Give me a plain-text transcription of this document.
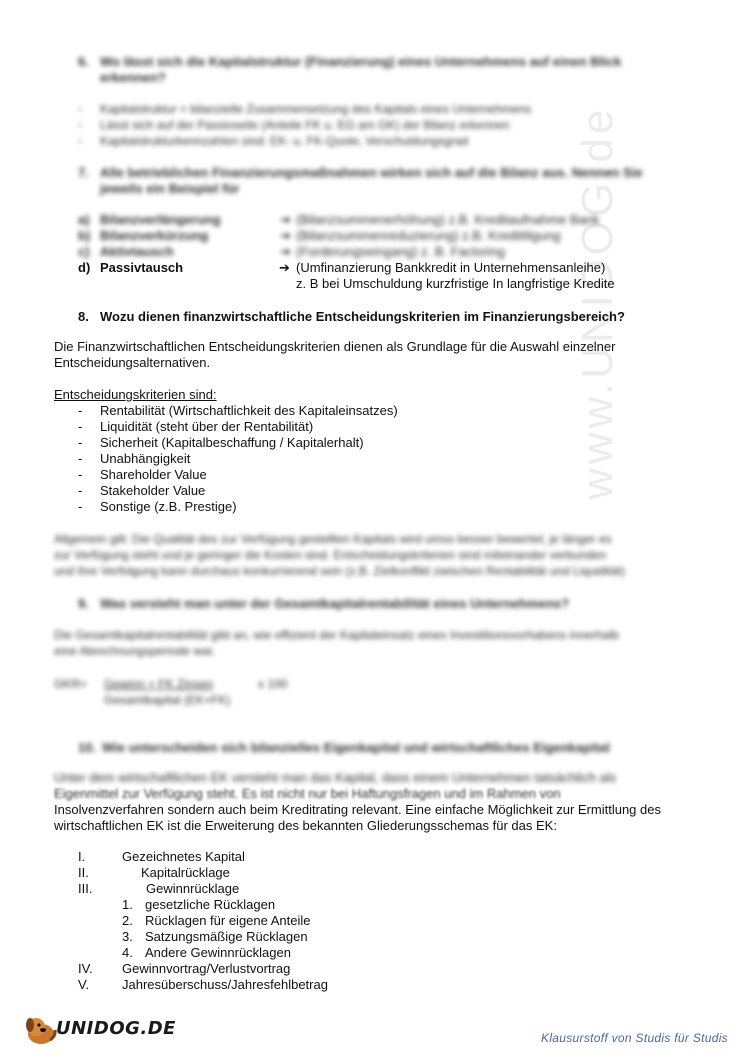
www.UNIDOG.de
6. Wo lässt sich die Kapitalstruktur (Finanzierung) eines Unternehmens auf einen Blick
erkennen?
- Kapitalstruktur = bilanzielle Zusammensetzung des Kapitals eines Unternehmens
- Lässt sich auf der Passivseite (Anteile FK u. EG am GK) der Bilanz erkennen
- Kapitalstrukturkennzahlen sind: EK- u. FK-Quote, Verschuldungsgrad
7. Alle betrieblichen Finanzierungsmaßnahmen wirken sich auf die Bilanz aus. Nennen Sie
jeweils ein Beispiel für
a) Bilanzverlängerung	➔ (Bilanzsummenerhöhung) z.B. Kreditaufnahme Bank
b) Bilanzverkürzung	➔ (Bilanzsummenreduzierung) z.B. Kredittilgung
c) Aktivtausch	➔ (Forderungseingang) z. B. Factoring
d) Passivtausch	➔ (Umfinanzierung Bankkredit in Unternehmensanleihe)
z. B bei Umschuldung kurzfristige In langfristige Kredite
8. Wozu dienen finanzwirtschaftliche Entscheidungskriterien im Finanzierungsbereich?
Die Finanzwirtschaftlichen Entscheidungskriterien dienen als Grundlage für die Auswahl einzelner
Entscheidungsalternativen.
Entscheidungskriterien sind:
- Rentabilität (Wirtschaftlichkeit des Kapitaleinsatzes)
- Liquidität (steht über der Rentabilität)
- Sicherheit (Kapitalbeschaffung / Kapitalerhalt)
- Unabhängigkeit
- Shareholder Value
- Stakeholder Value
- Sonstige (z.B. Prestige)
Allgemein gilt: Die Qualität des zur Verfügung gestellten Kapitals wird umso besser bewertet, je länger es
zur Verfügung steht und je geringer die Kosten sind. Entscheidungskriterien sind miteinander verbunden
und ihre Verfolgung kann durchaus konkurrierend sein (z.B. Zielkonflikt zwischen Rentabilität und Liquidität)
9. Was versteht man unter der Gesamtkapitalrentabilität eines Unternehmens?
Die Gesamtkapitalrentabilität gibt an, wie effizient der Kapitaleinsatz eines Investitionsvorhabens innerhalb
eine Abrechnungsperiode war.
GKR= Gewinn + FK Zinsen	x 100
Gesamtkapital (EK+FK)
10. Wie unterscheiden sich bilanzielles Eigenkapital und wirtschaftliches Eigenkapital
Unter dem wirtschaftlichen EK versteht man das Kapital, dass einem Unternehmen tatsächlich als
Eigenmittel zur Verfügung steht. Es ist nicht nur bei Haftungsfragen und im Rahmen von
Insolvenzverfahren sondern auch beim Kreditrating relevant. Eine einfache Möglichkeit zur Ermittlung des
wirtschaftlichen EK ist die Erweiterung des bekannten Gliederungsschemas für das EK:
I.	Gezeichnetes Kapital
II.	Kapitalrücklage
III.	Gewinnrücklage
1. gesetzliche Rücklagen
2. Rücklagen für eigene Anteile
3. Satzungsmäßige Rücklagen
4. Andere Gewinnrücklagen
IV. Gewinnvortrag/Verlustvortrag
V.	Jahresüberschuss/Jahresfehlbetrag
UNIDOG.DE	Klausurstoff von Studis für Studis
